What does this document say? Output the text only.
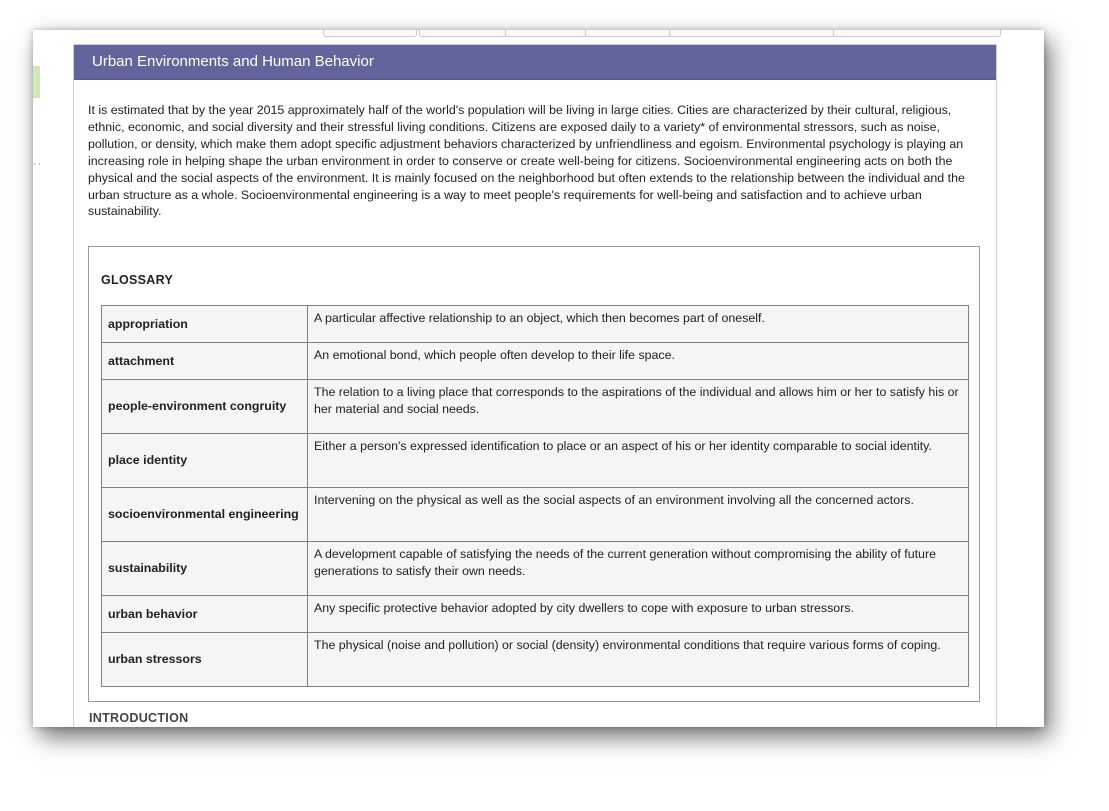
··
Urban Environments and Human Behavior

It is estimated that by the year 2015 approximately half of the world's population will be living in large cities. Cities are characterized by their cultural, religious, ethnic, economic, and social diversity and their stressful living conditions. Citizens are exposed daily to a variety* of environmental stressors, such as noise, pollution, or density, which make them adopt specific adjustment behaviors characterized by unfriendliness and egoism. Environmental psychology is playing an increasing role in helping shape the urban environment in order to conserve or create well-being for citizens. Socioenvironmental engineering acts on both the physical and the social aspects of the environment. It is mainly focused on the neighborhood but often extends to the relationship between the individual and the urban structure as a whole. Socioenvironmental engineering is a way to meet people's requirements for well-being and satisfaction and to achieve urban sustainability.

GLOSSARY
appropriation	A particular affective relationship to an object, which then becomes part of oneself.
attachment	An emotional bond, which people often develop to their life space.
people-environment congruity	The relation to a living place that corresponds to the aspirations of the individual and allows him or her to satisfy his or her material and social needs.
place identity	Either a person's expressed identification to place or an aspect of his or her identity comparable to social identity.
socioenvironmental engineering	Intervening on the physical as well as the social aspects of an environment involving all the concerned actors.
sustainability	A development capable of satisfying the needs of the current generation without compromising the ability of future generations to satisfy their own needs.
urban behavior	Any specific protective behavior adopted by city dwellers to cope with exposure to urban stressors.
urban stressors	The physical (noise and pollution) or social (density) environmental conditions that require various forms of coping.
INTRODUCTION
